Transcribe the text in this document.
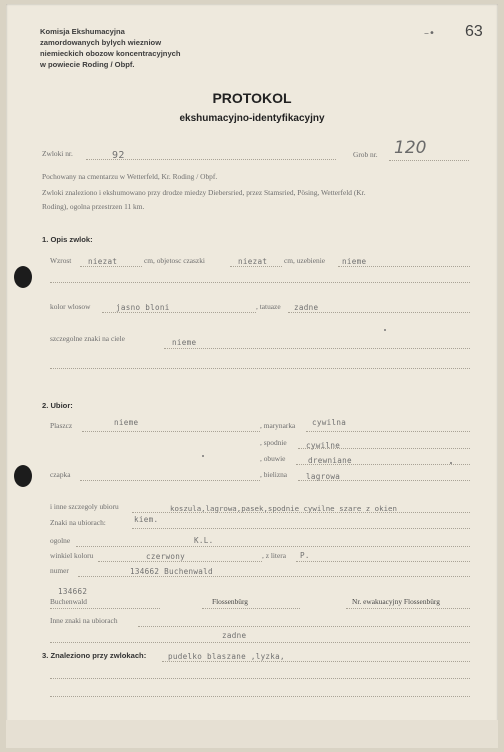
Komisja Ekshumacyjna
zamordowanych bylych wiezniow
niemieckich obozow koncentracyjnych
w powiecie Roding / Obpf.
–• 63
PROTOKOL
ekshumacyjno-identyfikacyjny
Zwloki nr.	92	Grob nr. 120
Pochowany na cmentarzu w Wetterfeld, Kr. Roding / Obpf.
Zwloki znaleziono i ekshumowano przy drodze miedzy Diebersried, przez Stamsried, Pösing, Wetterfeld (Kr.
Roding), ogolna przestrzen 11 km.
1. Opis zwlok:
Wzrost niezat	cm, objetosc czaszki	niezat cm, uzebienie nieme
kolor wlosow	jasno bloni	, tatuaze zadne
szczegolne znaki na ciele	nieme
2. Ubior:
Plaszcz	nieme	, marynarka cywilna
, spodnie	cywilne
, obuwie	drewniane
czapka	, bielizna lagrowa
i inne szczegoly ubioru	koszula,lagrowa,pasek,spodnie cywilne szare z okien
Znaki na ubiorach:	kiem.
ogolne	K.L.
winkiel koloru	czerwony	, z litera P.
numer	134662 Buchenwald
134662
Buchenwald	Flossenbürg	Nr. ewakuacyjny Flossenbürg
Inne znaki na ubiorach
zadne
3. Znaleziono przy zwlokach:	pudelko blaszane ,lyzka,
